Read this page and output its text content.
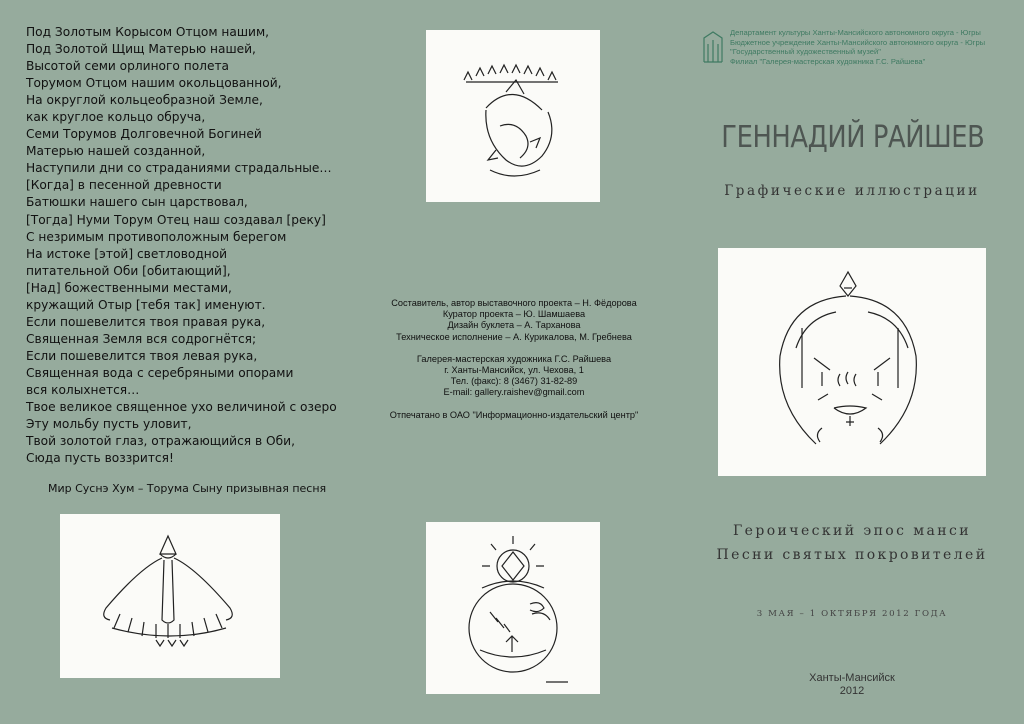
Под Золотым Корысом Отцом нашим,
Под Золотой Щищ Матерью нашей,
Высотой семи орлиного полета
Торумом Отцом нашим окольцованной,
На округлой кольцеобразной Земле,
как круглое кольцо обруча,
Семи Торумов Долговечной Богиней
Матерью нашей созданной,
Наступили дни со страданиями страдальные…
[Когда] в песенной древности
Батюшки нашего сын царствовал,
[Тогда] Нуми Торум Отец наш создавал [реку]
С незримым противоположным берегом
На истоке [этой] светловодной
питательной Оби [обитающий],
[Над] божественными местами,
кружащий Отыр [тебя так] именуют.
Если пошевелится твоя правая рука,
Священная Земля вся содрогнётся;
Если пошевелится твоя левая рука,
Священная вода с серебряными опорами
вся колыхнется…
Твое великое священное ухо величиной с озеро
Эту мольбу пусть уловит,
Твой золотой глаз, отражающийся в Оби,
Сюда пусть воззрится!
Мир Суснэ Хум – Торума Сыну призывная песня
Составитель, автор выставочного проекта – Н. Фёдорова
Куратор проекта – Ю. Шамшаева
Дизайн буклета – А. Тарханова
Техническое исполнение – А. Курикалова, М. Гребнева
Галерея-мастерская художника Г.С. Райшева
г. Ханты-Мансийск, ул. Чехова, 1
Тел. (факс): 8 (3467) 31-82-89
E-mail: gallery.raishev@gmail.com
Отпечатано в ОАО "Информационно-издательский центр"
Департамент культуры Ханты-Мансийского автономного округа - Югры
Бюджетное учреждение Ханты-Мансийского автономного округа - Югры
"Государственный художественный музей"
Филиал "Галерея-мастерская художника Г.С. Райшева"
ГЕННАДИЙ РАЙШЕВ
Графические иллюстрации
Героический эпос манси
Песни святых покровителей
3 МАЯ – 1 ОКТЯБРЯ 2012 ГОДА
Ханты-Мансийск
2012
